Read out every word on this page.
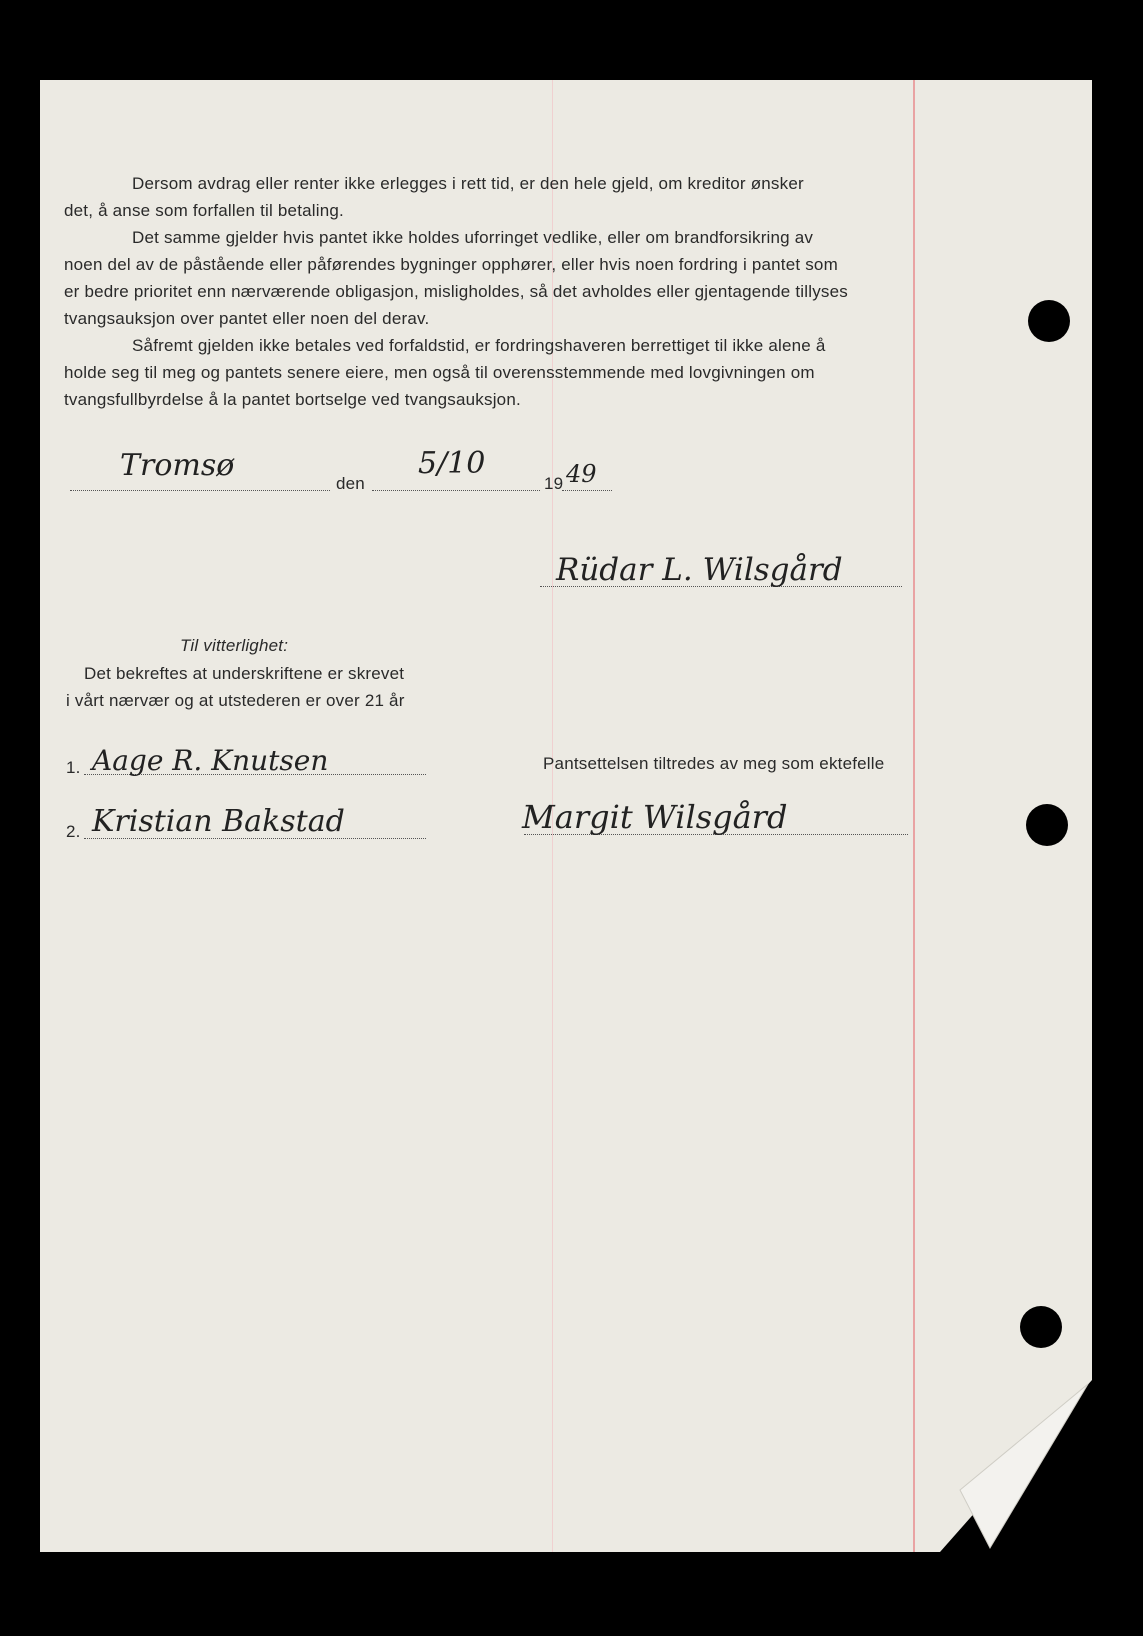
Dersom avdrag eller renter ikke erlegges i rett tid, er den hele gjeld, om kreditor ønsker
det, å anse som forfallen til betaling.
Det samme gjelder hvis pantet ikke holdes uforringet vedlike, eller om brandforsikring av
noen del av de påstående eller påførendes bygninger opphører, eller hvis noen fordring i pantet som
er bedre prioritet enn nærværende obligasjon, misligholdes, så det avholdes eller gjentagende tillyses
tvangsauksjon over pantet eller noen del derav.
Såfremt gjelden ikke betales ved forfaldstid, er fordringshaveren berrettiget til ikke alene å
holde seg til meg og pantets senere eiere, men også til overensstemmende med lovgivningen om
tvangsfullbyrdelse å la pantet bortselge ved tvangsauksjon.
Tromsø
den
5/10
19 49
Rüdar L. Wilsgård
Til vitterlighet:
Det bekreftes at underskriftene er skrevet
i vårt nærvær og at utstederen er over 21 år
1. Aage R. Knutsen
2. Kristian Bakstad
Pantsettelsen tiltredes av meg som ektefelle
Margit Wilsgård
